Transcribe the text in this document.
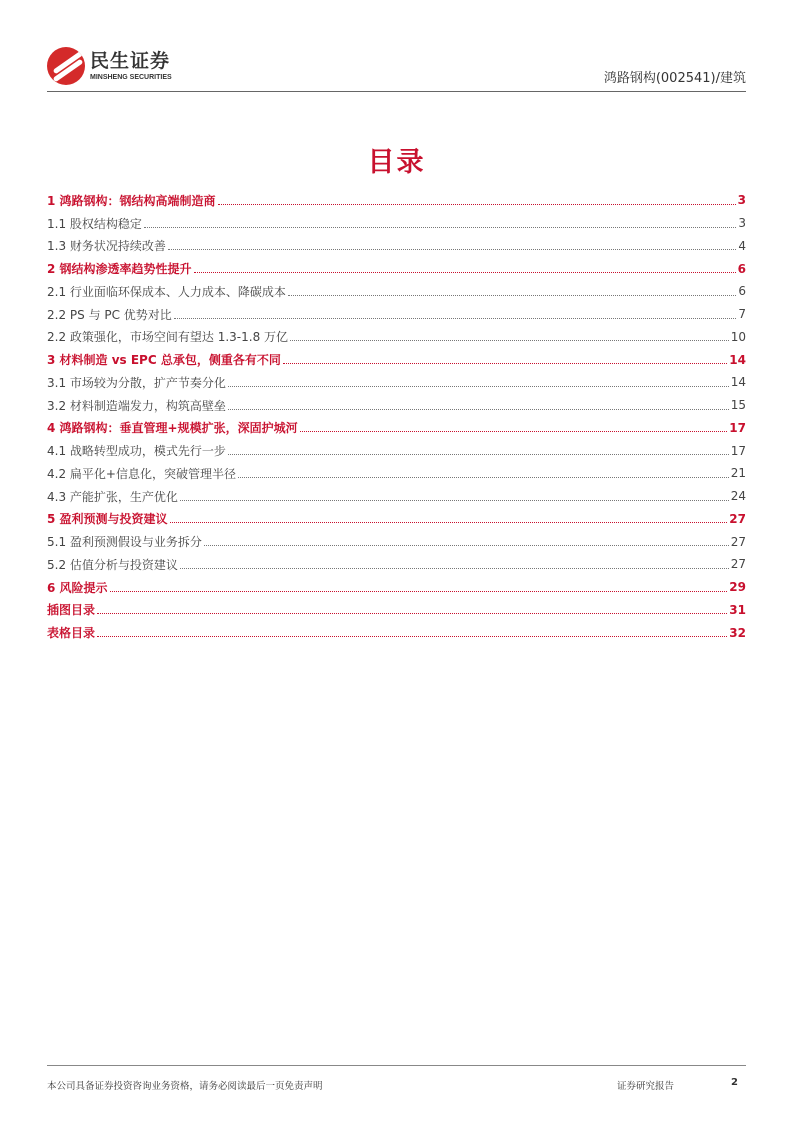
民生证券
MINSHENG SECURITIES	鸿路钢构(002541)/建筑
目录
1 鸿路钢构：钢结构高端制造商	3
1.1 股权结构稳定	3
1.3 财务状况持续改善	4
2 钢结构渗透率趋势性提升	6
2.1 行业面临环保成本、人力成本、降碳成本	6
2.2 PS 与 PC 优势对比	7
2.2 政策强化，市场空间有望达 1.3-1.8 万亿	10
3 材料制造 vs EPC 总承包，侧重各有不同	14
3.1 市场较为分散，扩产节奏分化	14
3.2 材料制造端发力，构筑高壁垒	15
4 鸿路钢构：垂直管理+规模扩张，深固护城河	17
4.1 战略转型成功，模式先行一步	17
4.2 扁平化+信息化，突破管理半径	21
4.3 产能扩张，生产优化	24
5 盈利预测与投资建议	27
5.1 盈利预测假设与业务拆分	27
5.2 估值分析与投资建议	27
6 风险提示	29
插图目录	31
表格目录	32
本公司具备证券投资咨询业务资格，请务必阅读最后一页免责声明	证券研究报告	2
